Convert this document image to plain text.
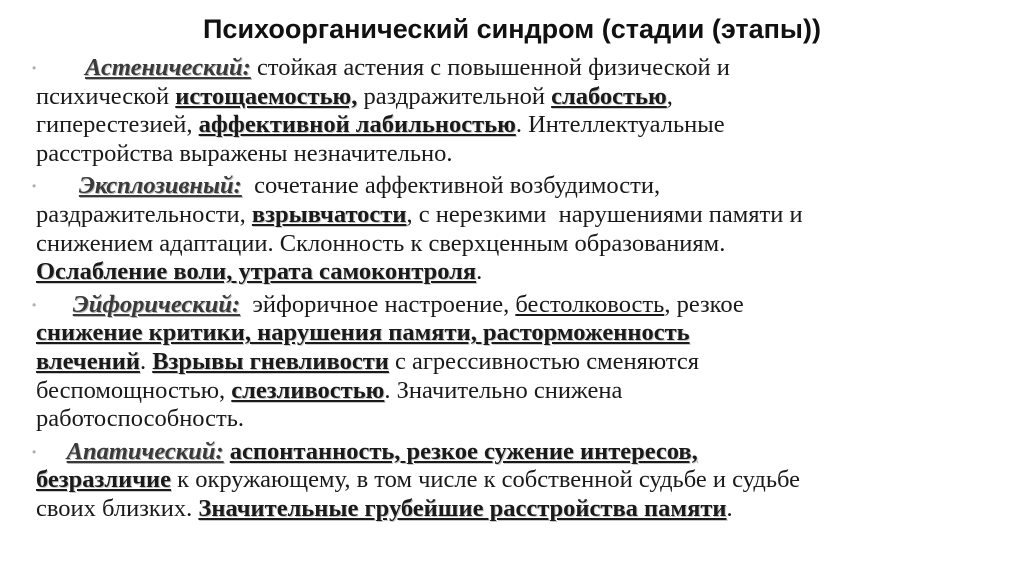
Психоорганический синдром (стадии (этапы))
•	Астенический: стойкая астения с повышенной физической и
психической истощаемостью, раздражительной слабостью,
гиперестезией, аффективной лабильностью. Интеллектуальные
расстройства выражены незначительно.
•	Эксплозивный:  сочетание аффективной возбудимости,
раздражительности, взрывчатости, с нерезкими  нарушениями памяти и
снижением адаптации. Склонность к сверхценным образованиям.
Ослабление воли, утрата самоконтроля.
•	Эйфорический:  эйфоричное настроение, бестолковость, резкое
снижение критики, нарушения памяти, расторможенность
влечений. Взрывы гневливости с агрессивностью сменяются
беспомощностью, слезливостью. Значительно снижена
работоспособность.
•	Апатический: аспонтанность, резкое сужение интересов,
безразличие к окружающему, в том числе к собственной судьбе и судьбе
своих близких. Значительные грубейшие расстройства памяти.
